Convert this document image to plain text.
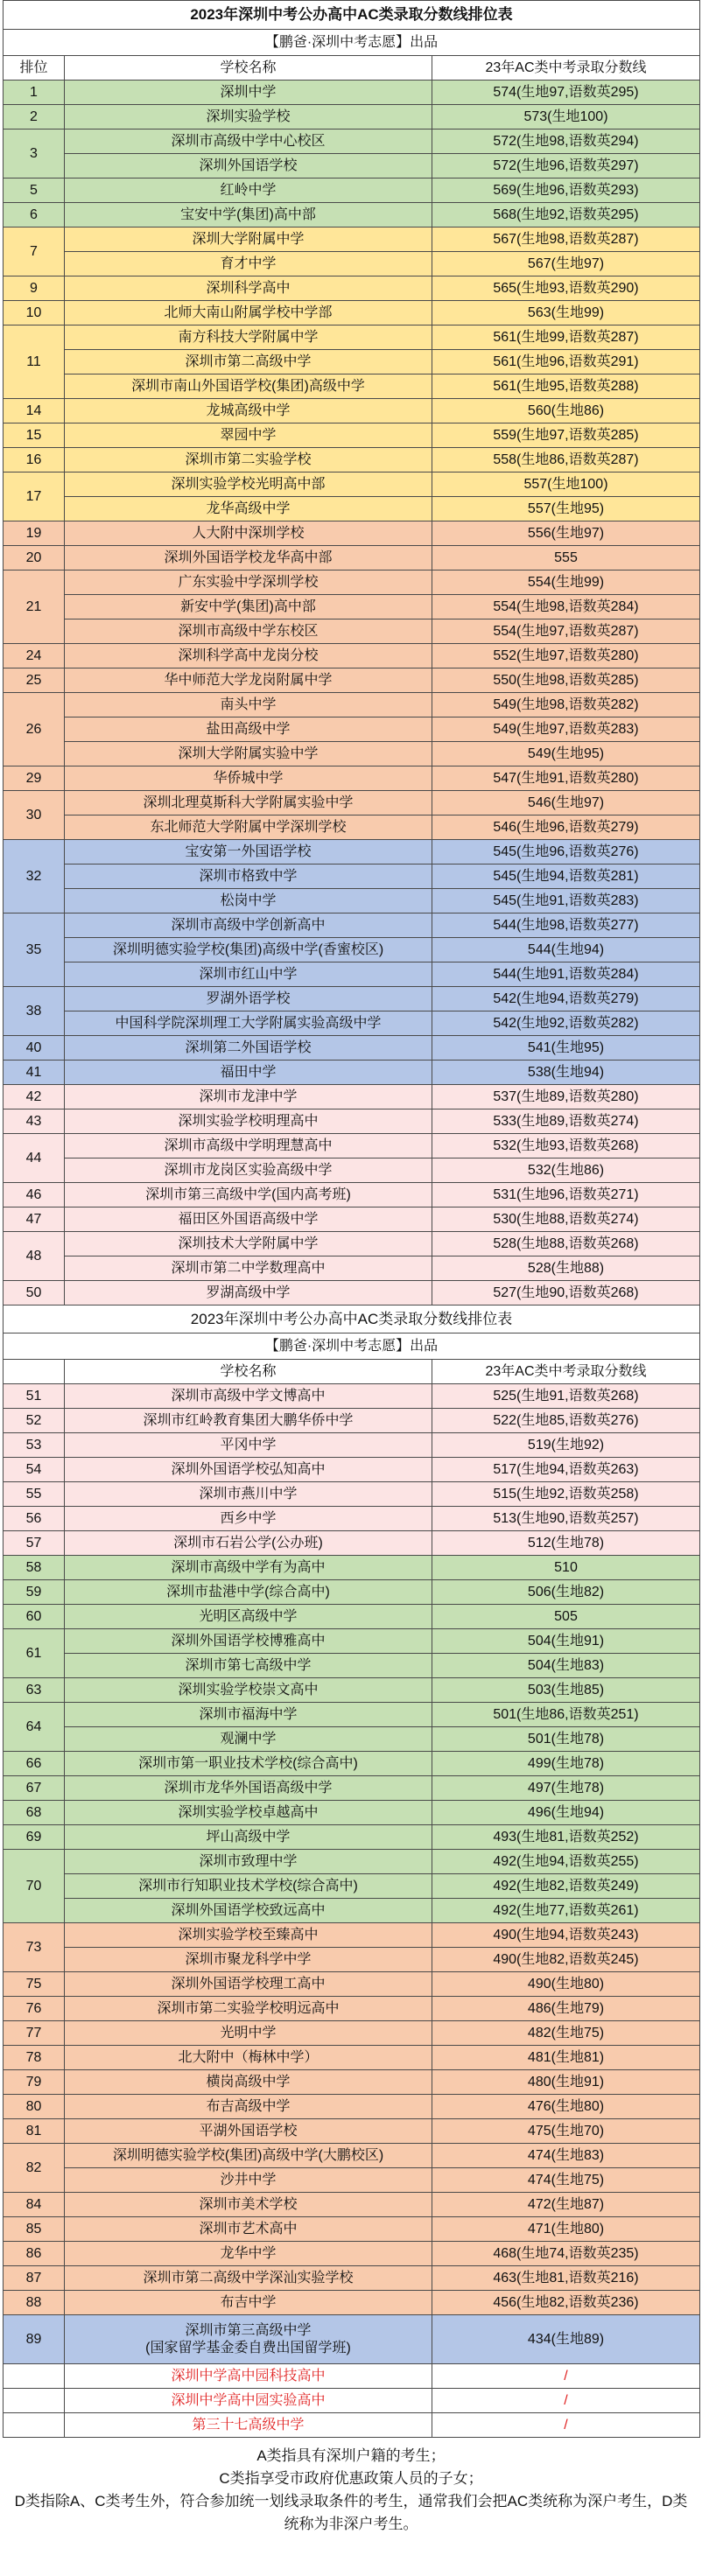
2023年深圳中考公办高中AC类录取分数线排位表		
【鹏爸·深圳中考志愿】出品		
排位	学校名称	23年AC类中考录取分数线
1	深圳中学	574(生地97,语数英295)
2	深圳实验学校	573(生地100)
3	深圳市高级中学中心校区	572(生地98,语数英294)
	深圳外国语学校	572(生地96,语数英297)
5	红岭中学	569(生地96,语数英293)
6	宝安中学(集团)高中部	568(生地92,语数英295)
7	深圳大学附属中学	567(生地98,语数英287)
	育才中学	567(生地97)
9	深圳科学高中	565(生地93,语数英290)
10	北师大南山附属学校中学部	563(生地99)
11	南方科技大学附属中学	561(生地99,语数英287)
	深圳市第二高级中学	561(生地96,语数英291)
	深圳市南山外国语学校(集团)高级中学	561(生地95,语数英288)
14	龙城高级中学	560(生地86)
15	翠园中学	559(生地97,语数英285)
16	深圳市第二实验学校	558(生地86,语数英287)
17	深圳实验学校光明高中部	557(生地100)
	龙华高级中学	557(生地95)
19	人大附中深圳学校	556(生地97)
20	深圳外国语学校龙华高中部	555
21	广东实验中学深圳学校	554(生地99)
	新安中学(集团)高中部	554(生地98,语数英284)
	深圳市高级中学东校区	554(生地97,语数英287)
24	深圳科学高中龙岗分校	552(生地97,语数英280)
25	华中师范大学龙岗附属中学	550(生地98,语数英285)
26	南头中学	549(生地98,语数英282)
	盐田高级中学	549(生地97,语数英283)
	深圳大学附属实验中学	549(生地95)
29	华侨城中学	547(生地91,语数英280)
30	深圳北理莫斯科大学附属实验中学	546(生地97)
	东北师范大学附属中学深圳学校	546(生地96,语数英279)
32	宝安第一外国语学校	545(生地96,语数英276)
	深圳市格致中学	545(生地94,语数英281)
	松岗中学	545(生地91,语数英283)
35	深圳市高级中学创新高中	544(生地98,语数英277)
	深圳明德实验学校(集团)高级中学(香蜜校区)	544(生地94)
	深圳市红山中学	544(生地91,语数英284)
38	罗湖外语学校	542(生地94,语数英279)
	中国科学院深圳理工大学附属实验高级中学	542(生地92,语数英282)
40	深圳第二外国语学校	541(生地95)
41	福田中学	538(生地94)
42	深圳市龙津中学	537(生地89,语数英280)
43	深圳实验学校明理高中	533(生地89,语数英274)
44	深圳市高级中学明理慧高中	532(生地93,语数英268)
	深圳市龙岗区实验高级中学	532(生地86)
46	深圳市第三高级中学(国内高考班)	531(生地96,语数英271)
47	福田区外国语高级中学	530(生地88,语数英274)
48	深圳技术大学附属中学	528(生地88,语数英268)
	深圳市第二中学数理高中	528(生地88)
50	罗湖高级中学	527(生地90,语数英268)
2023年深圳中考公办高中AC类录取分数线排位表		
【鹏爸·深圳中考志愿】出品		
	学校名称	23年AC类中考录取分数线
51	深圳市高级中学文博高中	525(生地91,语数英268)
52	深圳市红岭教育集团大鹏华侨中学	522(生地85,语数英276)
53	平冈中学	519(生地92)
54	深圳外国语学校弘知高中	517(生地94,语数英263)
55	深圳市燕川中学	515(生地92,语数英258)
56	西乡中学	513(生地90,语数英257)
57	深圳市石岩公学(公办班)	512(生地78)
58	深圳市高级中学有为高中	510
59	深圳市盐港中学(综合高中)	506(生地82)
60	光明区高级中学	505
61	深圳外国语学校博雅高中	504(生地91)
	深圳市第七高级中学	504(生地83)
63	深圳实验学校崇文高中	503(生地85)
64	深圳市福海中学	501(生地86,语数英251)
	观澜中学	501(生地78)
66	深圳市第一职业技术学校(综合高中)	499(生地78)
67	深圳市龙华外国语高级中学	497(生地78)
68	深圳实验学校卓越高中	496(生地94)
69	坪山高级中学	493(生地81,语数英252)
70	深圳市致理中学	492(生地94,语数英255)
	深圳市行知职业技术学校(综合高中)	492(生地82,语数英249)
	深圳外国语学校致远高中	492(生地77,语数英261)
73	深圳实验学校至臻高中	490(生地94,语数英243)
	深圳市聚龙科学中学	490(生地82,语数英245)
75	深圳外国语学校理工高中	490(生地80)
76	深圳市第二实验学校明远高中	486(生地79)
77	光明中学	482(生地75)
78	北大附中（梅林中学）	481(生地81)
79	横岗高级中学	480(生地91)
80	布吉高级中学	476(生地80)
81	平湖外国语学校	475(生地70)
82	深圳明德实验学校(集团)高级中学(大鹏校区)	474(生地83)
	沙井中学	474(生地75)
84	深圳市美术学校	472(生地87)
85	深圳市艺术高中	471(生地80)
86	龙华中学	468(生地74,语数英235)
87	深圳市第二高级中学深汕实验学校	463(生地81,语数英216)
88	布吉中学	456(生地82,语数英236)
89	深圳市第三高级中学
(国家留学基金委自费出国留学班)	434(生地89)
	深圳中学高中园科技高中	/
	深圳中学高中园实验高中	/
	第三十七高级中学	/
A类指具有深圳户籍的考生；
C类指享受市政府优惠政策人员的子女；
D类指除A、C类考生外，符合参加统一划线录取条件的考生，通常我们会把AC类统称为深户考生，D类统称为非深户考生。
